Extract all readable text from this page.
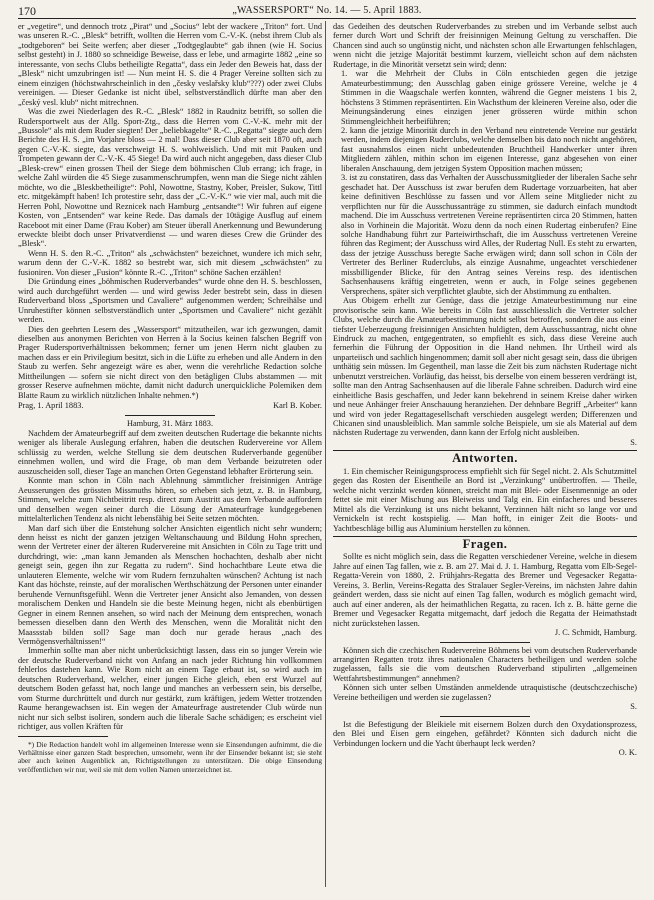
170	„WASSERSPORT“ No. 14. — 5. April 1883.

er „vegetire“, und dennoch trotz „Pirat“ und „Socius“ lebt der wackere „Triton“ fort. Und was unseren R.-C. „Blesk“ betrifft, wollten die Herren vom C.-V.-K. (nebst ihrem Club als „todtgeboren“ bei Seite werfen; aber dieser „Todtgeglaubte“ gab ihnen (wie H. Socius selbst gesteht) in J. 1880 so schneidige Beweise, dass er lebe, und armagirte 1882 „eine so interessante, von sechs Clubs betheiligte Regatta“, dass ein Jeder den Beweis hat, dass der „Blesk“ nicht umzubringen ist! — Nun meint H. S. die 4 Prager Vereine sollten sich zu einem einzigen (höchstwahrscheinlich in den „česky veslařsky klub“???) oder zwei Clubs vereinigen. — Dieser Gedanke ist nicht übel, selbstverständlich dürfte man aber den „český vesl. klub“ nicht mitrechnen.

Was die zwei Niederlagen des R.-C. „Blesk“ 1882 in Raudnitz betrifft, so sollen die Rudersportwelt aus der Allg. Sport-Ztg., dass die Herren vom C.-V.-K. mehr mit der „Bussole“ als mit dem Ruder siegten! Der „beliebkagelte“ R.-C. „Regatta“ siegte auch dem Berichte des H. S. „im Vorjahre bloss — 2 mal! Dass dieser Club aber seit 1870 oft, auch gegen C.-V.-K. siegte, das verschweigt H. S. wohlweislich. Und mit mit Pauken und Trompeten gewann der C.-V.-K. 45 Siege! Da wird auch nicht angegeben, dass dieser Club „Blesk-crew“ einen grossen Theil der Siege dem böhmischen Club errang; ich frage, in welche Zahl würden die 45 Siege zusammenschrumpfen, wenn man die Siege nicht zählen möchte, wo die „Bleskbetheiligte“: Pohl, Nowottne, Stastny, Kober, Preisler, Sukow, Tittl etc. mitgekämpft haben! Ich protestire sehr, dass der „C.-V.-K.“ wie vier mal, auch mit die Herren Pohl, Nowottne und Reznicek nach Hamburg „entsandte“! Wir fuhren auf eigene Kosten, von „Entsenden“ war keine Rede. Das damals der 10tägige Ausflug auf einem Raceboot mit einer Dame (Frau Kober) am Steuer überall Anerkennung und Bewunderung erweckte bleibt doch unser Privatverdienst — und waren dieses Crew die Gründer des „Blesk“.

Wenn H. S. den R.-C. „Triton“ als „schwächsten“ bezeichnet, wundere ich mich sehr, warum denn der C.-V.-K. 1882 so bestrebt war, sich mit diesem „schwächsten“ zu fusioniren. Von dieser „Fusion“ könnte R.-C. „Triton“ schöne Sachen erzählen!

Die Gründung eines „böhmischen Ruderverbandes“ wurde ohne den H. S. beschlossen, wird auch durchgeführt werden — und wird gewiss Jeder bestrebt sein, dass in diesen Ruderverband bloss „Sportsmen und Cavaliere“ aufgenommen werden; Schreihälse und Unruhestifter können selbstverständlich unter „Sportsmen und Cavaliere“ nicht gezählt werden.

Dies den geehrten Lesern des „Wassersport“ mitzutheilen, war ich gezwungen, damit dieselben aus anonymen Berichten von Herren à la Socius keinen falschen Begriff von Prager Rudersportverhältnissen bekommen; ferner um jenen Herrn nicht glauben zu machen dass er ein Privilegium besitzt, sich in die Lüfte zu erheben und alle Andern in den Staub zu werfen. Sehr angezeigt wäre es aber, wenn die verehrliche Redaction solche Mittheilungen — sofern sie nicht direct von den betägligen Clubs abstammen — mit grosser Reserve aufnehmen möchte, damit nicht dadurch unerquickliche Polemiken dem Blatte Raum zu wirklich nützlichen Inhalte nehmen.*)

Prag, 1. April 1883.	Karl B. Kober.

Hamburg, 31. März 1883.

Nachdem der Amateurbegriff auf dem zweiten deutschen Rudertage die bekannte nichts weniger als liberale Auslegung erfahren, haben die deutschen Rudervereine vor Allem schlüssig zu werden, welche Stellung sie dem deutschen Ruderverbande gegenüber einnehmen wollen, und wird die Frage, ob man dem Verbande beizutreten oder auszuscheiden soll, dieser Tage an manchen Orten Gegenstand lebhafter Erörterung sein.

Konnte man schon in Cöln nach Ablehnung sämmtlicher freisinnigen Anträge Aeusserungen des grössten Missmuths hören, so erheben sich jetzt, z. B. in Hamburg, Stimmen, welche zum Nichtbeitritt resp. direct zum Austritt aus dem Verbande auffordern und denselben wegen seiner durch die Lösung der Amateurfrage kundgegebenen mittelalterlichen Tendenz als nicht lebensfähig bei Seite setzen möchten.

Man darf sich über die Entstehung solcher Ansichten eigentlich nicht sehr wundern; denn heisst es nicht der ganzen jetzigen Weltanschauung und Bildung Hohn sprechen, wenn der Vertreter einer der älteren Rudervereine mit Ansichten in Cöln zu Tage tritt und durchdringt, wie: „man kann Jemanden als Menschen hochachten, deshalb aber nicht geneigt sein, gegen ihn zur Regatta zu rudern“. Sind hochachtbare Leute etwa die unlauteren Elemente, welche wir vom Rudern fernzuhalten wünschen? Achtung ist nach Kant das höchste, reinste, auf der moralischen Werthschätzung der Personen unter einander beruhende Vernunftsgefühl. Wenn die Vertreter jener Ansicht also Jemanden, von dessen moralischem Denken und Handeln sie die beste Meinung hegen, nicht als ebenbürtigen Gegner in einem Rennen ansehen, so wird nach der Meinung dem entsprechen, wonach bemessen dieselben dann den Werth des Menschen, wenn die Moralität nicht den Maassstab bilden soll? Sage man doch nur gerade heraus „nach des Vermögensverhältnissen!“

Immerhin sollte man aber nicht unberücksichtigt lassen, dass ein so junger Verein wie der deutsche Ruderverband nicht von Anfang an nach jeder Richtung hin vollkommen fehlerlos dastehen kann. Wie Rom nicht an einem Tage erbaut ist, so wird auch im deutschen Ruderverband, welcher, einer jungen Eiche gleich, eben erst Wurzel auf deutschem Boden gefasst hat, noch lange und manches an verbessern sein, bis derselbe, vom Sturme durchrüttelt und durch nur gestärkt, zum kräftigen, jedem Wetter trotzenden Raume herangewachsen ist. Ein wegen der Amateurfrage austretender Club würde nun nicht nur sich selbst isoliren, sondern auch die liberale Sache schädigen; es erscheint viel richtiger, aus vollen Kräften für

*) Die Redaction handelt wohl im allgemeinen Interesse wenn sie Einsendungen aufnimmt, die die Verhältnisse einer ganzen Stadt besprechen, umsomehr, wenn ihr der Einsender bekannt ist; sie steht aber auch keinen Augenblick an, Richtigstellungen zu unterstützen. Die obige Einsendung veröffentlichen wir nur, weil sie mit dem vollen Namen unterzeichnet ist.

das Gedeihen des deutschen Ruderverbandes zu streben und im Verbande selbst auch ferner durch Wort und Schrift der freisinnigen Meinung Geltung zu verschaffen. Die Chancen sind auch so ungünstig nicht, und nächsten schon alle Erwartungen fehlschlagen, wenn nicht die jetzige Majorität bestimmt kurzem, vielleicht schon auf dem nächsten Rudertage, in die Minorität versetzt sein wird; denn:

1. war die Mehrheit der Clubs in Cöln entschieden gegen die jetzige Amateurbestimmung; den Ausschlag gaben einige grössere Vereine, welche je 4 Stimmen in die Waagschale werfen konnten, während die Gegner meistens 1 bis 2, höchstens 3 Stimmen repräsentirten. Ein Wachsthum der kleineren Vereine also, oder die Meinungsänderung eines einzigen jener grösseren würde mithin schon Stimmengleichheit herbeiführen;

2. kann die jetzige Minorität durch in den Verband neu eintretende Vereine nur gestärkt werden, indem diejenigen Ruderclubs, welche demselben bis dato noch nicht angehören, fast ausnahmslos einen nicht unbedeutenden Bruchtheil Handwerker unter ihren Mitgliedern zählen, mithin schon im eigenen Interesse, ganz abgesehen von einer liberalen Anschauung, dem jetzigen System Opposition machen müssen;

3. ist zu constatiren, dass das Verhalten der Ausschussmitglieder der liberalen Sache sehr geschadet hat. Der Ausschuss ist zwar berufen dem Rudertage vorzuarbeiten, hat aber keine definitiven Beschlüsse zu fassen und vor Allem seine Mitglieder nicht zu verpflichten nur für die Ausschussanträge zu stimmen, sie dadurch einfach mundtodt machend. Die im Ausschuss vertretenen Vereine repräsentirten circa 20 Stimmen, hatten also in Vorhinein die Majorität. Wozu denn da noch einen Rudertag einberufen? Eine solche Handhabung führt zur Parteiwirthschaft, die im Ausschuss vertretenen Vereine führen das Regiment; der Ausschuss wird Alles, der Rudertag Null. Es steht zu erwarten, dass der jetzige Ausschuss beregte Sache erwägen wird; dann soll schon in Cöln der Vertreter des Berliner Ruderclubs, als einzige Ausnahme, ungeachtet verschiedener missbilligender Blicke, für den Antrag seines Vereins resp. des identischen Sachsenhausens kräftig eingetreten, wenn er auch, in Folge seines gegebenen Versprechens, später sich verpflichtet glaubte, sich der Abstimmung zu enthalten.

Aus Obigem erhellt zur Genüge, dass die jetzige Amateurbestimmung nur eine provisorische sein kann. Wie bereits in Cöln fast ausschliesslich die Vertreter solcher Clubs, welche durch die Amateurbestimmung nicht selbst betroffen, sondern die aus einer tiefster Ueberzeugung freisinnigen Ansichten huldigten, dem Ausschussantrag, nicht ohne Eindruck zu machen, entgegentraten, so empfiehlt es sich, dass diese Vereine auch fernerhin die Führung der Opposition in die Hand nehmen. Ihr Urtheil wird als unparteiisch und sachlich hingenommen; damit soll aber nicht gesagt sein, dass die übrigen unthätig sein müssen. Im Gegentheil, man lasse die Zeit bis zum nächsten Rudertage nicht unbenutzt verstreichen. Vorläufig, das heisst, bis derselbe von einem besseren verdrängt ist, sollte man den Antrag Sachsenhausen auf die liberale Fahne schreiben. Dadurch wird eine einheitliche Basis geschaffen, und Jeder kann bekehrend in seinem Kreise daher wirken und neue Anhänger freier Anschauung heranziehen. Der dehnbare Begriff „Arbeiter“ kann und wird von jeder Regattagesellschaft verschieden ausgelegt werden; Differenzen und Chicanen sind unausbleiblich. Man sammle solche Beispiele, um sie als Material auf dem nächsten Rudertage zu verwenden, dann kann der Erfolg nicht ausbleiben.

S.

Antworten.

1. Ein chemischer Reinigungsprocess empfiehlt sich für Segel nicht. 2. Als Schutzmittel gegen das Rosten der Eisentheile an Bord ist „Verzinkung“ unübertroffen. — Theile, welche nicht verzinkt werden können, streicht man mit Blei- oder Eisenmennige an oder fettet sie mit einer Mischung aus Bleiweiss und Talg ein. Ein einfacheres und besseres Mittel als die Verzinkung ist uns nicht bekannt, Verzinnen hält nicht so lange vor und Vernickeln ist recht kostspielig. — Man hofft, in einiger Zeit die Boots- und Yachtbeschläge billig aus Aluminium herstellen zu können.

Fragen.

Sollte es nicht möglich sein, dass die Regatten verschiedener Vereine, welche in diesem Jahre auf einen Tag fallen, wie z. B. am 27. Mai d. J. 1. Hamburg, Regatta vom Elb-Segel-Regatta-Verein von 1880, 2. Frühjahrs-Regatta des Bremer und Vegesacker Regatta-Vereins, 3. Berlin, Vereins-Regatta des Stralauer Segler-Vereins, im nächsten Jahre dahin geändert werden, dass sie nicht auf einen Tag fallen, wodurch es möglich gemacht wird, auch auf einer anderen, als der heimathlichen Regatta, zu racen. Ich z. B. hätte gerne die Bremer und Vegesacker Regatta mitgemacht, darf jedoch die Regatta der Heimathstadt nicht zurückstehen lassen.

J. C. Schmidt, Hamburg.

Können sich die czechischen Rudervereine Böhmens bei vom deutschen Ruderverbande arrangirten Regatten trotz ihres nationalen Characters betheiligen und werden solche zugelassen, falls sie die vom deutschen Ruderverband stipulirten „allgemeinen Wettfahrtsbestimmungen“ annehmen?

Können sich unter selben Umständen anmeldende utraquistische (deutschczechische) Vereine betheiligen und werden sie zugelassen?

S.

Ist die Befestigung der Bleikiele mit eisernem Bolzen durch den Oxydationsprozess, den Blei und Eisen gern eingehen, gefährdet? Könnten sich dadurch nicht die Verbindungen lockern und die Yacht überhaupt leck werden?

O. K.
